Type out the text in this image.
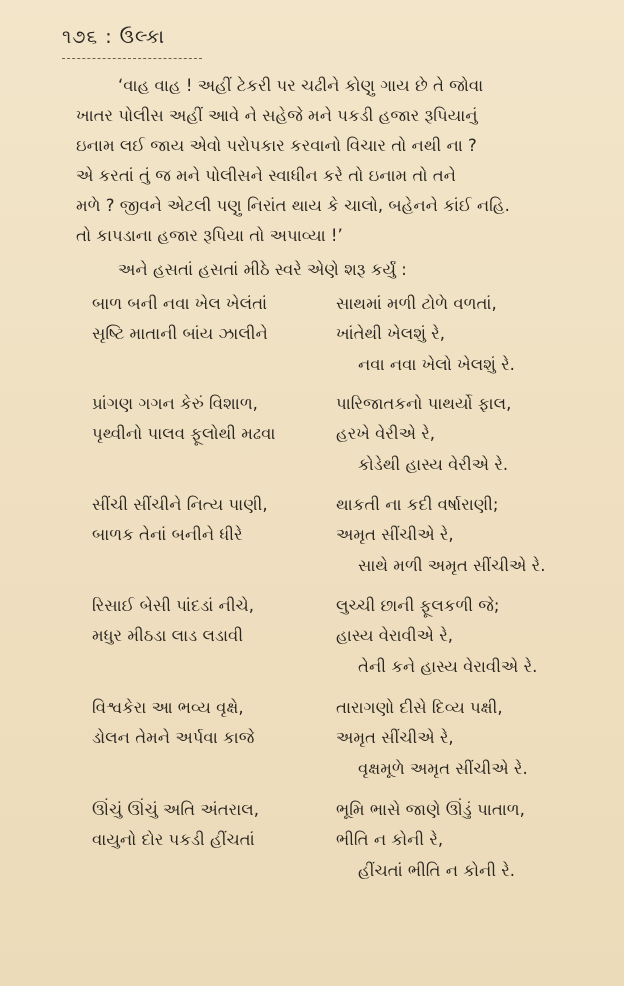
૧૭૬ : ઉલ્કા
‘વાહ વાહ ! અહીં ટેકરી પર ચઢીને કોણુ ગાય છે તે જોવા
ખાતર પોલીસ અહીં આવે ને સહેજે મને પકડી હજાર રૂપિયાનું
ઇનામ લઈ જાય એવો પરોપકાર કરવાનો વિચાર તો નથી ના ?
એ કરતાં તું જ મને પોલીસને સ્વાધીન કરે તો ઇનામ તો તને
મળે ? જીવને એટલી પણુ નિરાંત થાય કે ચાલો, બહેનને કાંઈ નહિ.
તો કાપડાના હજાર રૂપિયા તો અપાવ્યા !’
અને હસતાં હસતાં મીઠે સ્વરે એણે શરૂ કર્યું :
બાળ બની નવા ખેલ ખેલંતાં	સાથમાં મળી ટોળે વળતાં,
સૃષ્ટિ માતાની બાંય ઝાલીને	ખાંતેથી ખેલશું રે,
નવા નવા ખેલો ખેલશું રે.
પ્રાંગણ ગગન કેરું વિશાળ,	પારિજાતકનો પાથર્યો ફાલ,
પૃથ્વીનો પાલવ ફૂલોથી મઢવા	હરખે વેરીએ રે,
કોડેથી હાસ્ય વેરીએ રે.
સીંચી સીંચીને નિત્ય પાણી,	થાકતી ના કદી વર્ષારાણી;
બાળક તેનાં બનીને ધીરે	અમૃત સીંચીએ રે,
સાથે મળી અમૃત સીંચીએ રે.
રિસાઈ બેસી પાંદડાં નીચે,	લુચ્ચી છાની ફૂલકળી જે;
મધુર મીઠડા લાડ લડાવી	હાસ્ય વેરાવીએ રે,
તેની કને હાસ્ય વેરાવીએ રે.
વિશ્વકેરા આ ભવ્ય વૃક્ષે,	તારાગણો દીસે દિવ્ય પક્ષી,
ડોલન તેમને અર્પવા કાજે	અમૃત સીંચીએ રે,
વૃક્ષમૂળે અમૃત સીંચીએ રે.
ઊંચું ઊંચું અતિ અંતરાલ,	ભૂમિ ભાસે જાણે ઊંડું પાતાળ,
વાયુનો દોર પકડી હીંચતાં	ભીતિ ન કોની રે,
હીંચતાં ભીતિ ન કોની રે.
